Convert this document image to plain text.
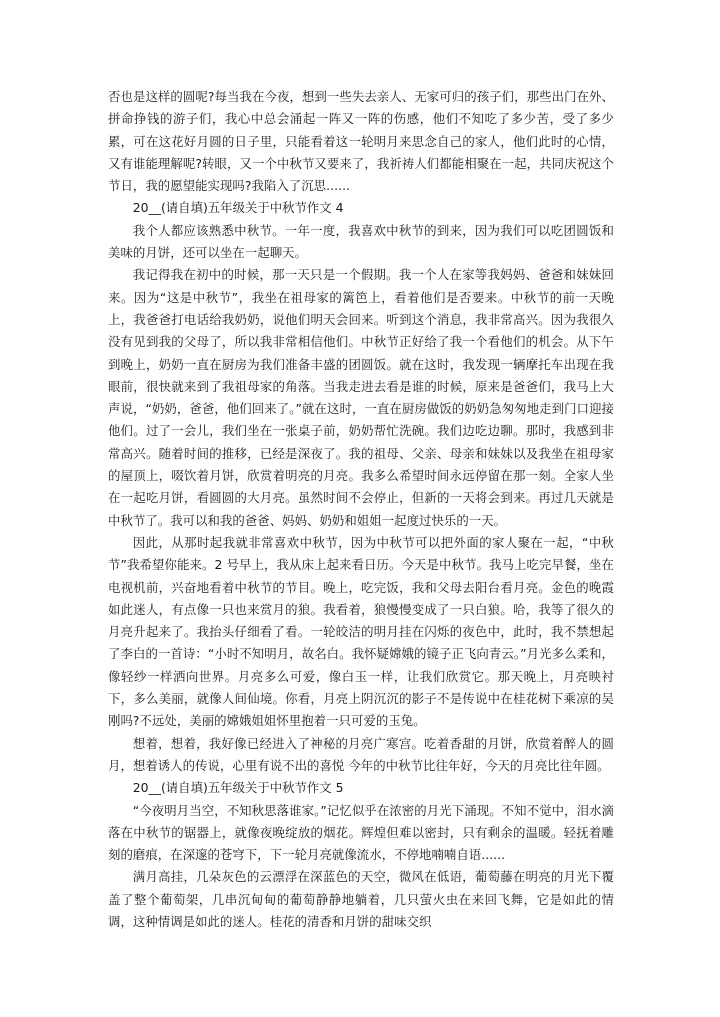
否也是这样的圆呢?每当我在今夜，想到一些失去亲人、无家可归的孩子们，那些出门在外、拼命挣钱的游子们，我心中总会涌起一阵又一阵的伤感，他们不知吃了多少苦，受了多少累，可在这花好月圆的日子里，只能看着这一轮明月来思念自己的家人，他们此时的心情，又有谁能理解呢?转眼，又一个中秋节又要来了，我祈祷人们都能相聚在一起，共同庆祝这个节日，我的愿望能实现吗?我陷入了沉思......

20__(请自填)五年级关于中秋节作文 4

我个人都应该熟悉中秋节。一年一度，我喜欢中秋节的到来，因为我们可以吃团圆饭和美味的月饼，还可以坐在一起聊天。

我记得我在初中的时候，那一天只是一个假期。我一个人在家等我妈妈、爸爸和妹妹回来。因为“这是中秋节”，我坐在祖母家的篱笆上，看着他们是否要来。中秋节的前一天晚上，我爸爸打电话给我奶奶，说他们明天会回来。听到这个消息，我非常高兴。因为我很久没有见到我的父母了，所以我非常相信他们。中秋节正好给了我一个看他们的机会。从下午到晚上，奶奶一直在厨房为我们准备丰盛的团圆饭。就在这时，我发现一辆摩托车出现在我眼前，很快就来到了我祖母家的角落。当我走进去看是谁的时候，原来是爸爸们，我马上大声说，“奶奶，爸爸，他们回来了。”就在这时，一直在厨房做饭的奶奶急匆匆地走到门口迎接他们。过了一会儿，我们坐在一张桌子前，奶奶帮忙洗碗。我们边吃边聊。那时，我感到非常高兴。随着时间的推移，已经是深夜了。我的祖母、父亲、母亲和妹妹以及我坐在祖母家的屋顶上，啜饮着月饼，欣赏着明亮的月亮。我多么希望时间永远停留在那一刻。全家人坐在一起吃月饼，看圆圆的大月亮。虽然时间不会停止，但新的一天将会到来。再过几天就是中秋节了。我可以和我的爸爸、妈妈、奶奶和姐姐一起度过快乐的一天。

因此，从那时起我就非常喜欢中秋节，因为中秋节可以把外面的家人聚在一起，“中秋节”我希望你能来。2 号早上，我从床上起来看日历。今天是中秋节。我马上吃完早餐，坐在电视机前，兴奋地看着中秋节的节目。晚上，吃完饭，我和父母去阳台看月亮。金色的晚霞如此迷人，有点像一只也来赏月的狼。我看着，狼慢慢变成了一只白狼。哈，我等了很久的月亮升起来了。我抬头仔细看了看。一轮皎洁的明月挂在闪烁的夜色中，此时，我不禁想起了李白的一首诗：“小时不知明月，故名白。我怀疑嫦娥的镜子正飞向青云。”月光多么柔和，像轻纱一样洒向世界。月亮多么可爱，像白玉一样，让我们欣赏它。那天晚上，月亮映衬下，多么美丽，就像人间仙境。你看，月亮上阴沉沉的影子不是传说中在桂花树下乘凉的吴刚吗?不远处，美丽的嫦娥姐姐怀里抱着一只可爱的玉兔。

想着，想着，我好像已经进入了神秘的月亮广寒宫。吃着香甜的月饼，欣赏着醉人的圆月，想着诱人的传说，心里有说不出的喜悦 今年的中秋节比往年好，今天的月亮比往年圆。

20__(请自填)五年级关于中秋节作文 5

“今夜明月当空，不知秋思落谁家。”记忆似乎在浓密的月光下涌现。不知不觉中，泪水滴落在中秋节的锯器上，就像夜晚绽放的烟花。辉煌但难以密封，只有剩余的温暖。轻抚着雕刻的磨痕，在深邃的苍穹下，下一轮月亮就像流水，不停地喃喃自语......

满月高挂，几朵灰色的云漂浮在深蓝色的天空，微风在低语，葡萄藤在明亮的月光下覆盖了整个葡萄架，几串沉甸甸的葡萄静静地躺着，几只萤火虫在来回飞舞，它是如此的情调，这种情调是如此的迷人。桂花的清香和月饼的甜味交织
